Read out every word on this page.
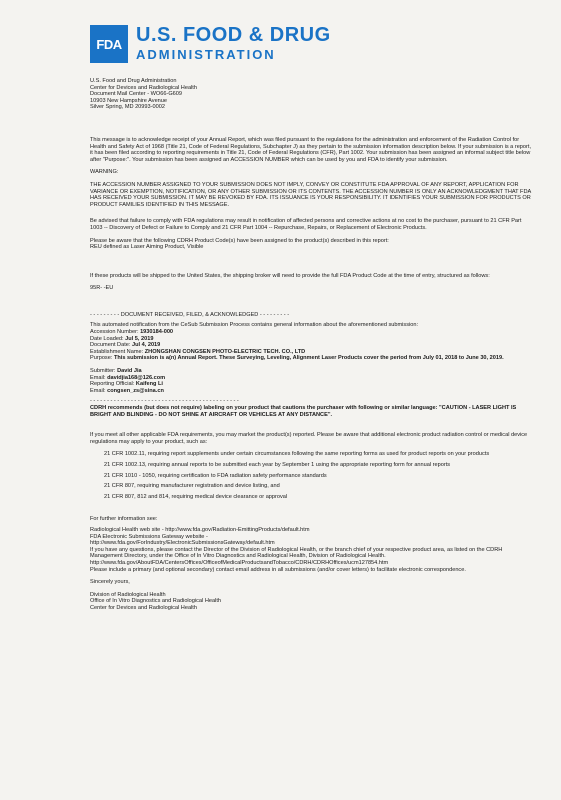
FDA U.S. FOOD & DRUG
ADMINISTRATION
U.S. Food and Drug Administration
Center for Devices and Radiological Health
Document Mail Center - WO66-G609
10903 New Hampshire Avenue
Silver Spring, MD 20993-0002
This message is to acknowledge receipt of your Annual Report, which was filed pursuant to the regulations for the administration and enforcement of the Radiation Control for Health and Safety Act of 1968 (Title 21, Code of Federal Regulations, Subchapter J) as they pertain to the submission information description below. If your submission is a report, it has been filed according to reporting requirements in Title 21, Code of Federal Regulations (CFR), Part 1002. Your submission has been assigned an informal subject title below after "Purpose:". Your submission has been assigned an ACCESSION NUMBER which can be used by you and FDA to identify your submission.
WARNING:
THE ACCESSION NUMBER ASSIGNED TO YOUR SUBMISSION DOES NOT IMPLY, CONVEY OR CONSTITUTE FDA APPROVAL OF ANY REPORT, APPLICATION FOR VARIANCE OR EXEMPTION, NOTIFICATION, OR ANY OTHER SUBMISSION OR ITS CONTENTS. THE ACCESSION NUMBER IS ONLY AN ACKNOWLEDGMENT THAT FDA HAS RECEIVED YOUR SUBMISSION. IT MAY BE REVOKED BY FDA. ITS ISSUANCE IS YOUR RESPONSIBILITY. IT IDENTIFIES YOUR SUBMISSION FOR PRODUCTS OR PRODUCT FAMILIES IDENTIFIED IN THIS MESSAGE.
Be advised that failure to comply with FDA regulations may result in notification of affected persons and corrective actions at no cost to the purchaser, pursuant to 21 CFR Part 1003 -- Discovery of Defect or Failure to Comply and 21 CFR Part 1004 -- Repurchase, Repairs, or Replacement of Electronic Products.
Please be aware that the following CDRH Product Code(s) have been assigned to the product(s) described in this report:
REU defined as Laser Aiming Product, Visible
If these products will be shipped to the United States, the shipping broker will need to provide the full FDA Product Code at the time of entry, structured as follows:
95R- -EU
- - - - - - - - - DOCUMENT RECEIVED, FILED, & ACKNOWLEDGED - - - - - - - - -
This automated notification from the CeSub Submission Process contains general information about the aforementioned submission:
Accession Number: 1930184-000
Date Loaded: Jul 5, 2019
Document Date: Jul 4, 2019
Establishment Name: ZHONGSHAN CONGSEN PHOTO-ELECTRIC TECH. CO., LTD
Purpose: This submission is a(n) Annual Report. These Surveying, Leveling, Alignment Laser Products cover the period from July 01, 2018 to June 30, 2019.
Submitter: David Jia
Email: davidjia168@126.com
Reporting Official: Kaifeng Li
Email: congsen_zs@sina.cn
- - - - - - - - - - - - - - - - - - - - - - - - - - - - - - - - - - - - - - - - - - - -
CDRH recommends (but does not require) labeling on your product that cautions the purchaser with following or similar language: "CAUTION - LASER LIGHT IS BRIGHT AND BLINDING - DO NOT SHINE AT AIRCRAFT OR VEHICLES AT ANY DISTANCE".
If you meet all other applicable FDA requirements, you may market the product(s) reported. Please be aware that additional electronic product radiation control or medical device regulations may apply to your product, such as:
21 CFR 1002.11, requiring report supplements under certain circumstances following the same reporting forms as used for product reports on your products
21 CFR 1002.13, requiring annual reports to be submitted each year by September 1 using the appropriate reporting form for annual reports
21 CFR 1010 - 1050, requiring certification to FDA radiation safety performance standards
21 CFR 807, requiring manufacturer registration and device listing, and
21 CFR 807, 812 and 814, requiring medical device clearance or approval
For further information see:
Radiological Health web site - http://www.fda.gov/Radiation-EmittingProducts/default.htm
FDA Electronic Submissions Gateway website -
http://www.fda.gov/ForIndustry/ElectronicSubmissionsGateway/default.htm
If you have any questions, please contact the Director of the Division of Radiological Health, or the branch chief of your respective product area, as listed on the CDRH Management Directory, under the Office of In Vitro Diagnostics and Radiological Health, Division of Radiological Health.
http://www.fda.gov/AboutFDA/CentersOffices/OfficeofMedicalProductsandTobacco/CDRH/CDRHOffices/ucm127854.htm
Please include a primary (and optional secondary) contact email address in all submissions (and/or cover letters) to facilitate electronic correspondence.
Sincerely yours,
Division of Radiological Health
Office of In Vitro Diagnostics and Radiological Health
Center for Devices and Radiological Health
